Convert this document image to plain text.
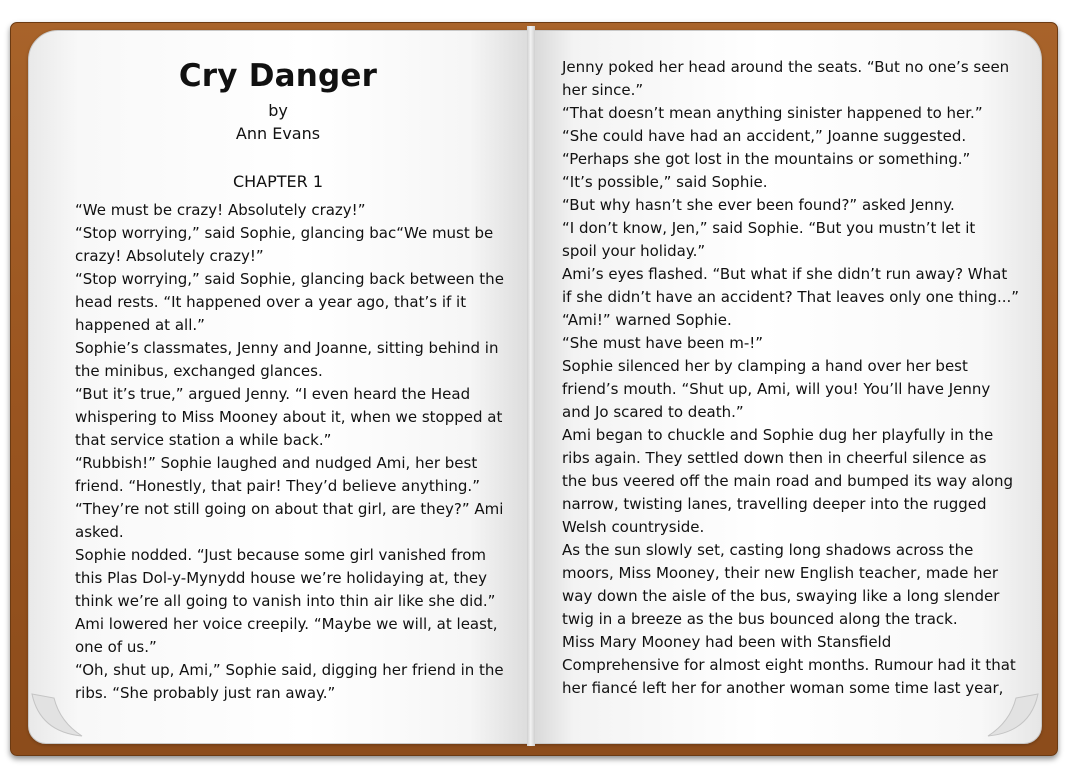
Cry Danger
by
Ann Evans
CHAPTER 1
“We must be crazy! Absolutely crazy!”
“Stop worrying,” said Sophie, glancing bac“We must be
crazy! Absolutely crazy!”
“Stop worrying,” said Sophie, glancing back between the
head rests. “It happened over a year ago, that’s if it
happened at all.”
Sophie’s classmates, Jenny and Joanne, sitting behind in
the minibus, exchanged glances.
“But it’s true,” argued Jenny. “I even heard the Head
whispering to Miss Mooney about it, when we stopped at
that service station a while back.”
“Rubbish!” Sophie laughed and nudged Ami, her best
friend. “Honestly, that pair! They’d believe anything.”
“They’re not still going on about that girl, are they?” Ami
asked.
Sophie nodded. “Just because some girl vanished from
this Plas Dol-y-Mynydd house we’re holidaying at, they
think we’re all going to vanish into thin air like she did.”
Ami lowered her voice creepily. “Maybe we will, at least,
one of us.”
“Oh, shut up, Ami,” Sophie said, digging her friend in the
ribs. “She probably just ran away.”
Jenny poked her head around the seats. “But no one’s seen
her since.”
“That doesn’t mean anything sinister happened to her.”
“She could have had an accident,” Joanne suggested.
“Perhaps she got lost in the mountains or something.”
“It’s possible,” said Sophie.
“But why hasn’t she ever been found?” asked Jenny.
“I don’t know, Jen,” said Sophie. “But you mustn’t let it
spoil your holiday.”
Ami’s eyes flashed. “But what if she didn’t run away? What
if she didn’t have an accident? That leaves only one thing...”
“Ami!” warned Sophie.
“She must have been m-!”
Sophie silenced her by clamping a hand over her best
friend’s mouth. “Shut up, Ami, will you! You’ll have Jenny
and Jo scared to death.”
Ami began to chuckle and Sophie dug her playfully in the
ribs again. They settled down then in cheerful silence as
the bus veered off the main road and bumped its way along
narrow, twisting lanes, travelling deeper into the rugged
Welsh countryside.
As the sun slowly set, casting long shadows across the
moors, Miss Mooney, their new English teacher, made her
way down the aisle of the bus, swaying like a long slender
twig in a breeze as the bus bounced along the track.
Miss Mary Mooney had been with Stansfield
Comprehensive for almost eight months. Rumour had it that
her fiancé left her for another woman some time last year,
